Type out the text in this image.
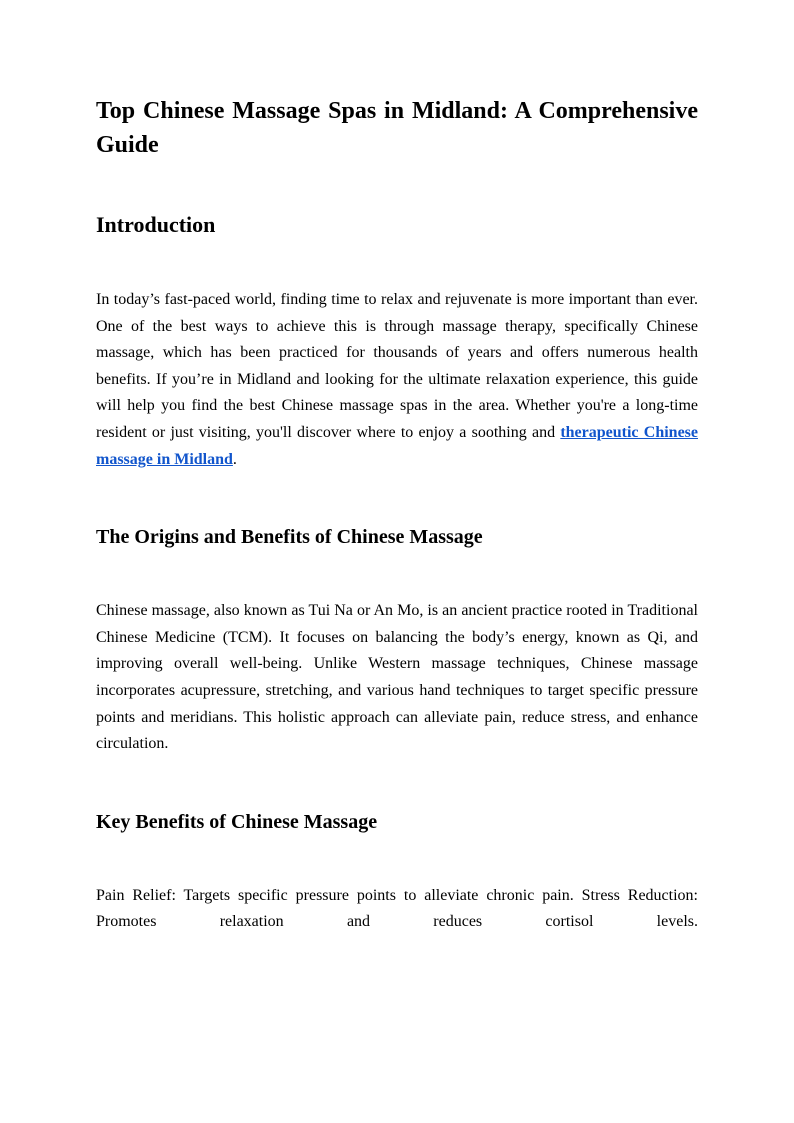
Top Chinese Massage Spas in Midland: A Comprehensive Guide
Introduction

In today’s fast-paced world, finding time to relax and rejuvenate is more important than ever. One of the best ways to achieve this is through massage therapy, specifically Chinese massage, which has been practiced for thousands of years and offers numerous health benefits. If you’re in Midland and looking for the ultimate relaxation experience, this guide will help you find the best Chinese massage spas in the area. Whether you're a long-time resident or just visiting, you'll discover where to enjoy a soothing and therapeutic Chinese massage in Midland.

The Origins and Benefits of Chinese Massage

Chinese massage, also known as Tui Na or An Mo, is an ancient practice rooted in Traditional Chinese Medicine (TCM). It focuses on balancing the body’s energy, known as Qi, and improving overall well-being. Unlike Western massage techniques, Chinese massage incorporates acupressure, stretching, and various hand techniques to target specific pressure points and meridians. This holistic approach can alleviate pain, reduce stress, and enhance circulation.

Key Benefits of Chinese Massage

Pain Relief: Targets specific pressure points to alleviate chronic pain. Stress Reduction: Promotes relaxation and reduces cortisol levels.
